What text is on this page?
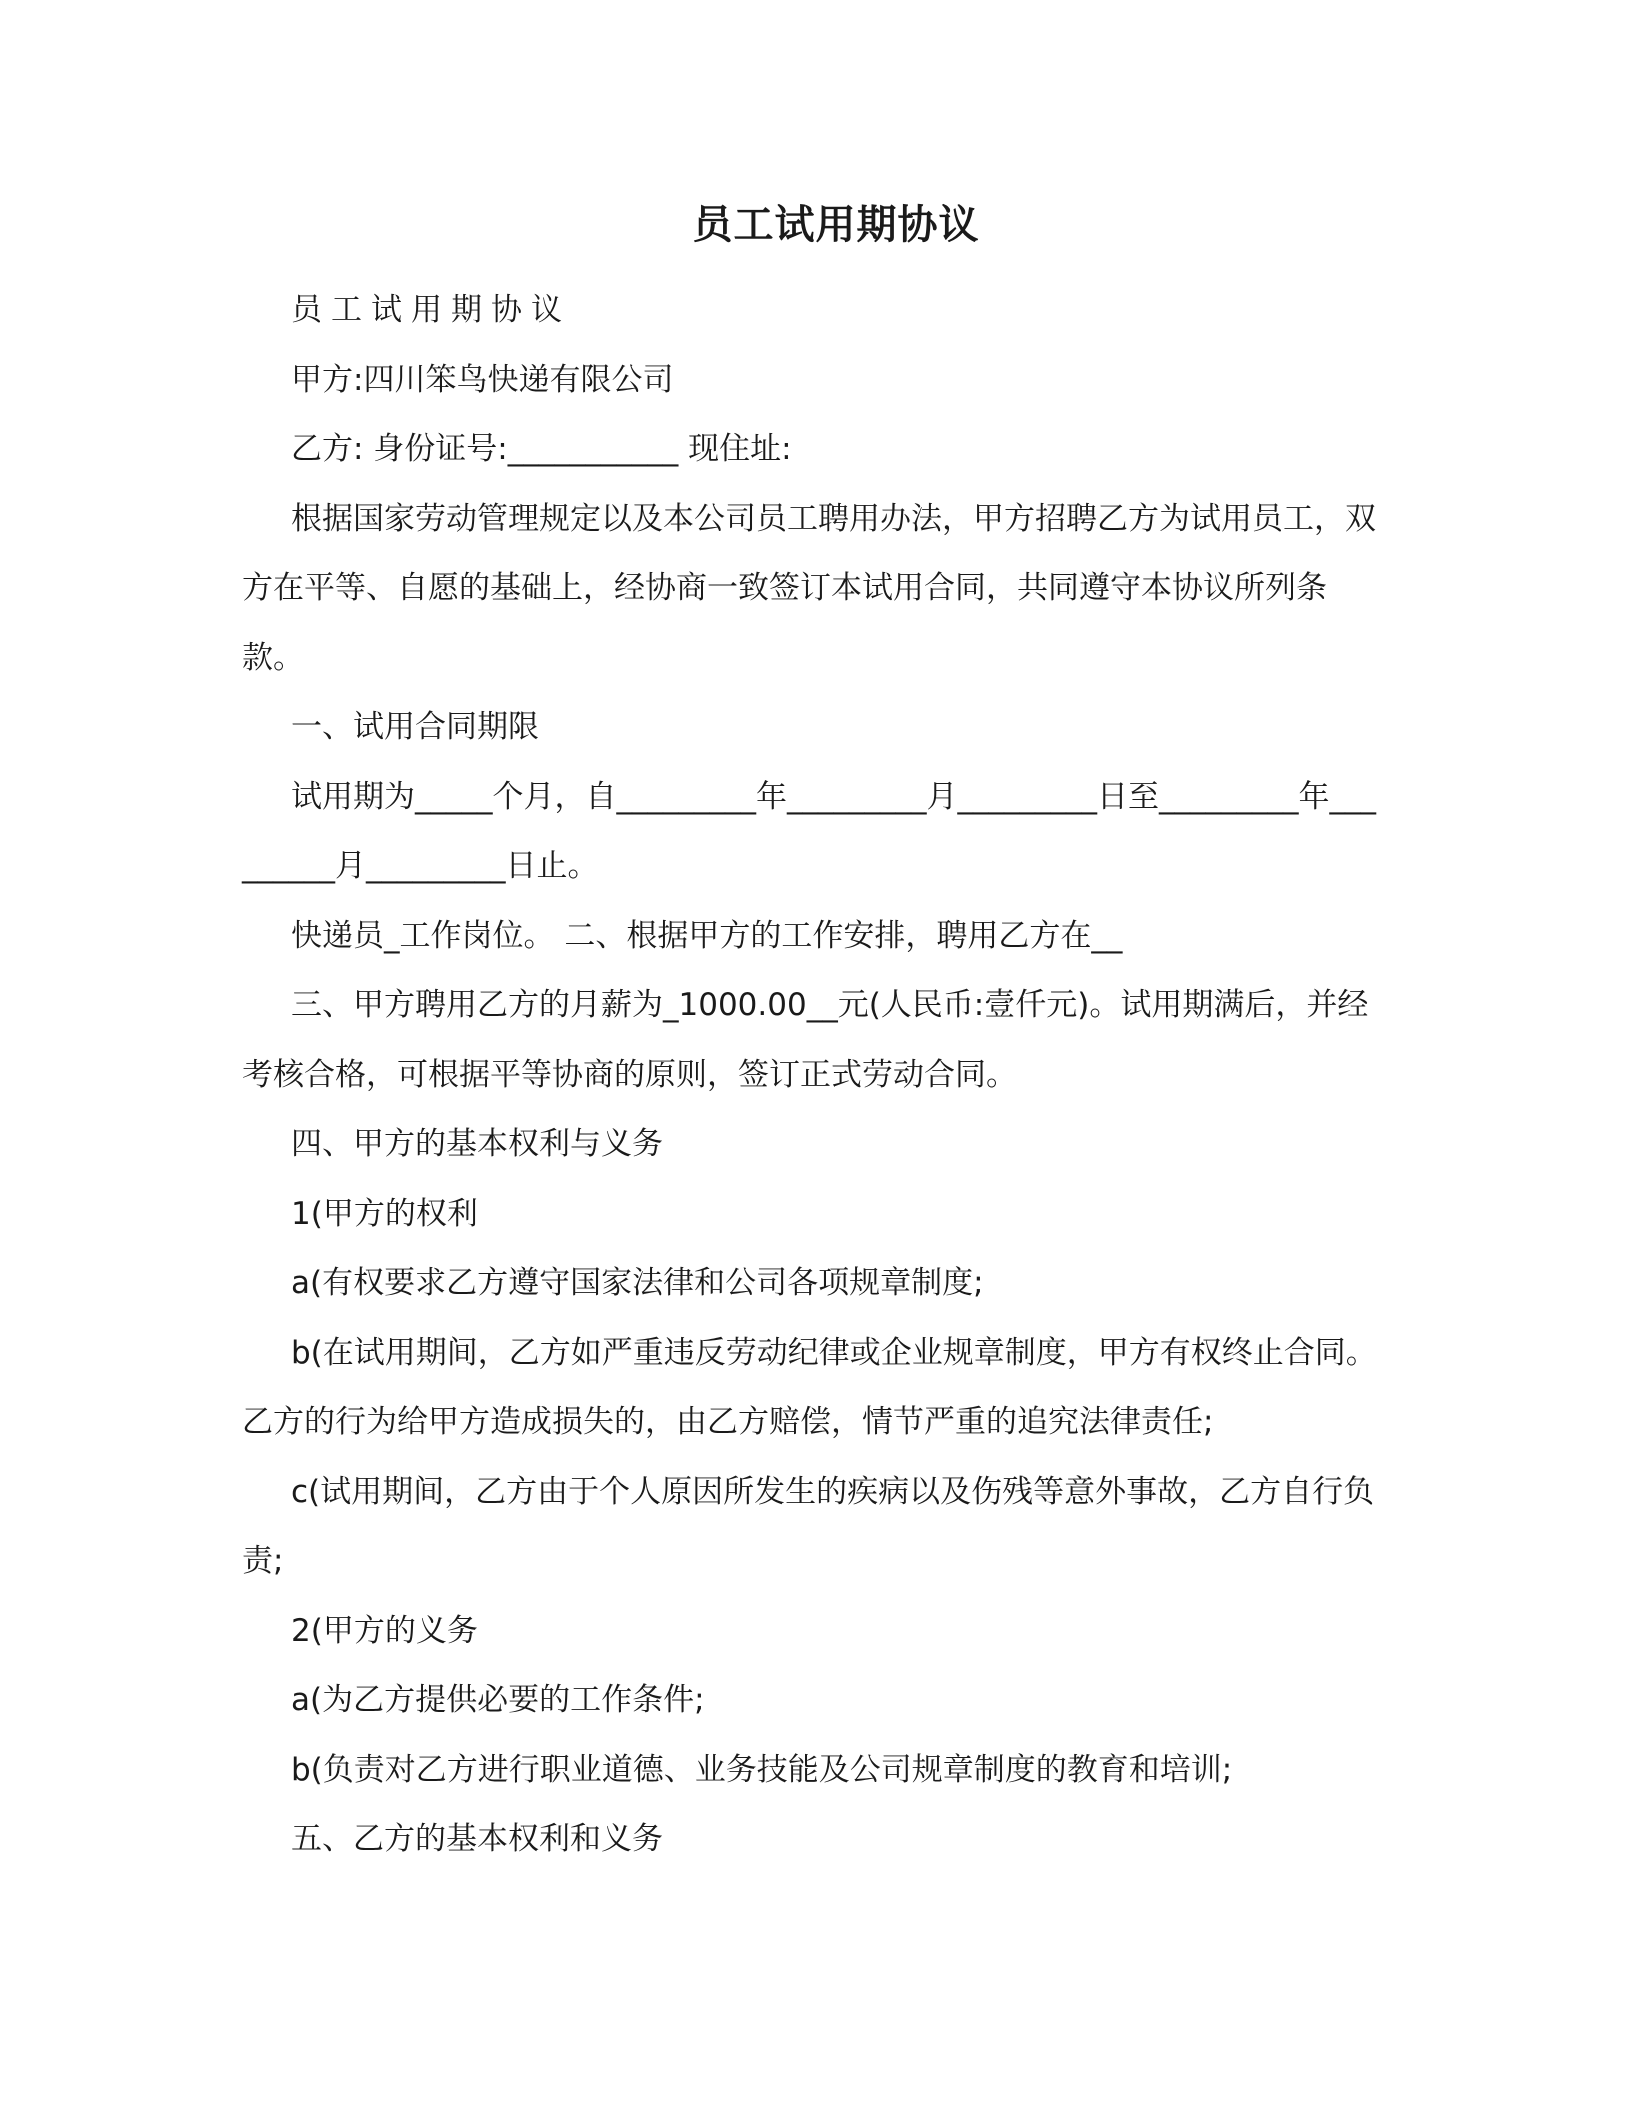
员工试用期协议

员工试用期协议

甲方:四川笨鸟快递有限公司

乙方: 身份证号:___________ 现住址:

根据国家劳动管理规定以及本公司员工聘用办法，甲方招聘乙方为试用员工，双方在平等、自愿的基础上，经协商一致签订本试用合同，共同遵守本协议所列条款。

一、试用合同期限

试用期为_____个月，自_________年_________月_________日至_________年_________月_________日止。

快递员_工作岗位。 二、根据甲方的工作安排，聘用乙方在__

三、甲方聘用乙方的月薪为_1000.00__元(人民币:壹仟元)。试用期满后，并经考核合格，可根据平等协商的原则，签订正式劳动合同。

四、甲方的基本权利与义务

1(甲方的权利

a(有权要求乙方遵守国家法律和公司各项规章制度;

b(在试用期间，乙方如严重违反劳动纪律或企业规章制度，甲方有权终止合同。乙方的行为给甲方造成损失的，由乙方赔偿，情节严重的追究法律责任;

c(试用期间，乙方由于个人原因所发生的疾病以及伤残等意外事故，乙方自行负责;

2(甲方的义务

a(为乙方提供必要的工作条件;

b(负责对乙方进行职业道德、业务技能及公司规章制度的教育和培训;

五、乙方的基本权利和义务
